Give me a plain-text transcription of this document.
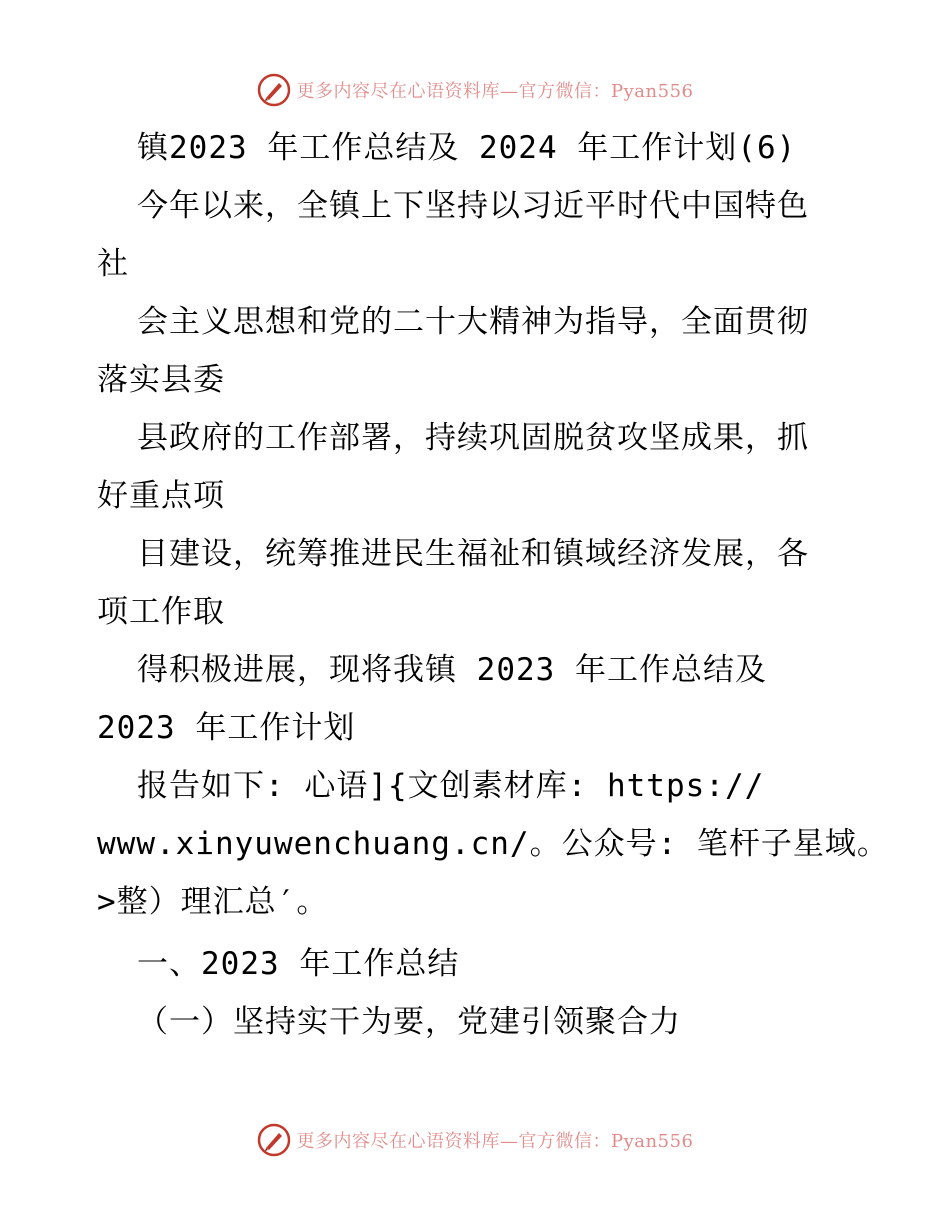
更多内容尽在心语资料库—官方微信：Pyan556
镇2023 年工作总结及 2024 年工作计划(6)
今年以来，全镇上下坚持以习近平时代中国特色
社
会主义思想和党的二十大精神为指导，全面贯彻
落实县委
县政府的工作部署，持续巩固脱贫攻坚成果，抓
好重点项
目建设，统筹推进民生福祉和镇域经济发展，各
项工作取
得积极进展，现将我镇 2023 年工作总结及
2023 年工作计划
报告如下: 心语]{文创素材库: https://
www.xinyuwenchuang.cn/。公众号: 笔杆子星域。
>整）理汇总′。
一、2023 年工作总结
（一）坚持实干为要，党建引领聚合力
更多内容尽在心语资料库—官方微信：Pyan556
